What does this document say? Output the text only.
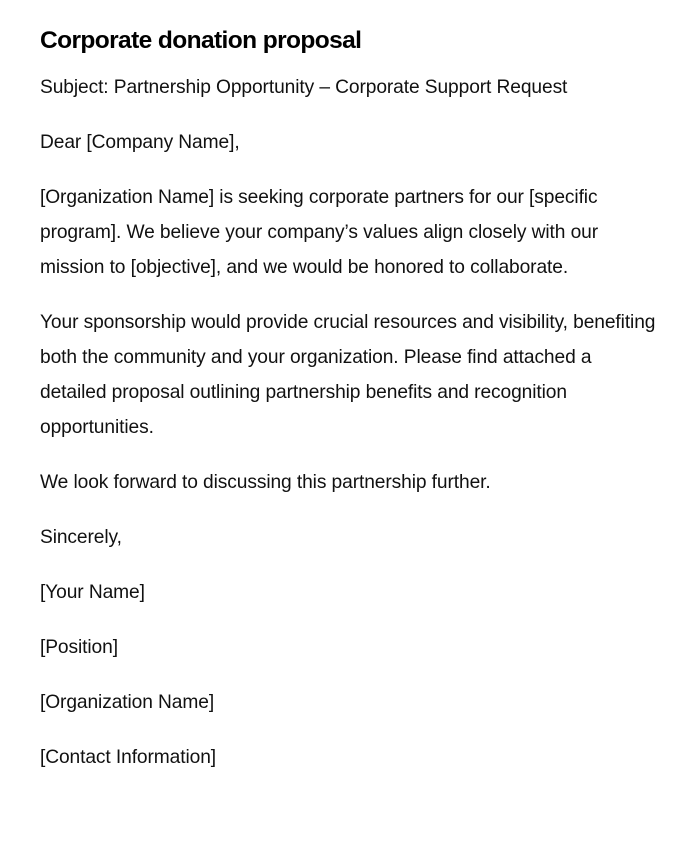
Corporate donation proposal

Subject: Partnership Opportunity – Corporate Support Request

Dear [Company Name],

[Organization Name] is seeking corporate partners for our [specific program]. We believe your company’s values align closely with our mission to [objective], and we would be honored to collaborate.

Your sponsorship would provide crucial resources and visibility, benefiting both the community and your organization. Please find attached a detailed proposal outlining partnership benefits and recognition opportunities.

We look forward to discussing this partnership further.

Sincerely,

[Your Name]

[Position]

[Organization Name]

[Contact Information]
